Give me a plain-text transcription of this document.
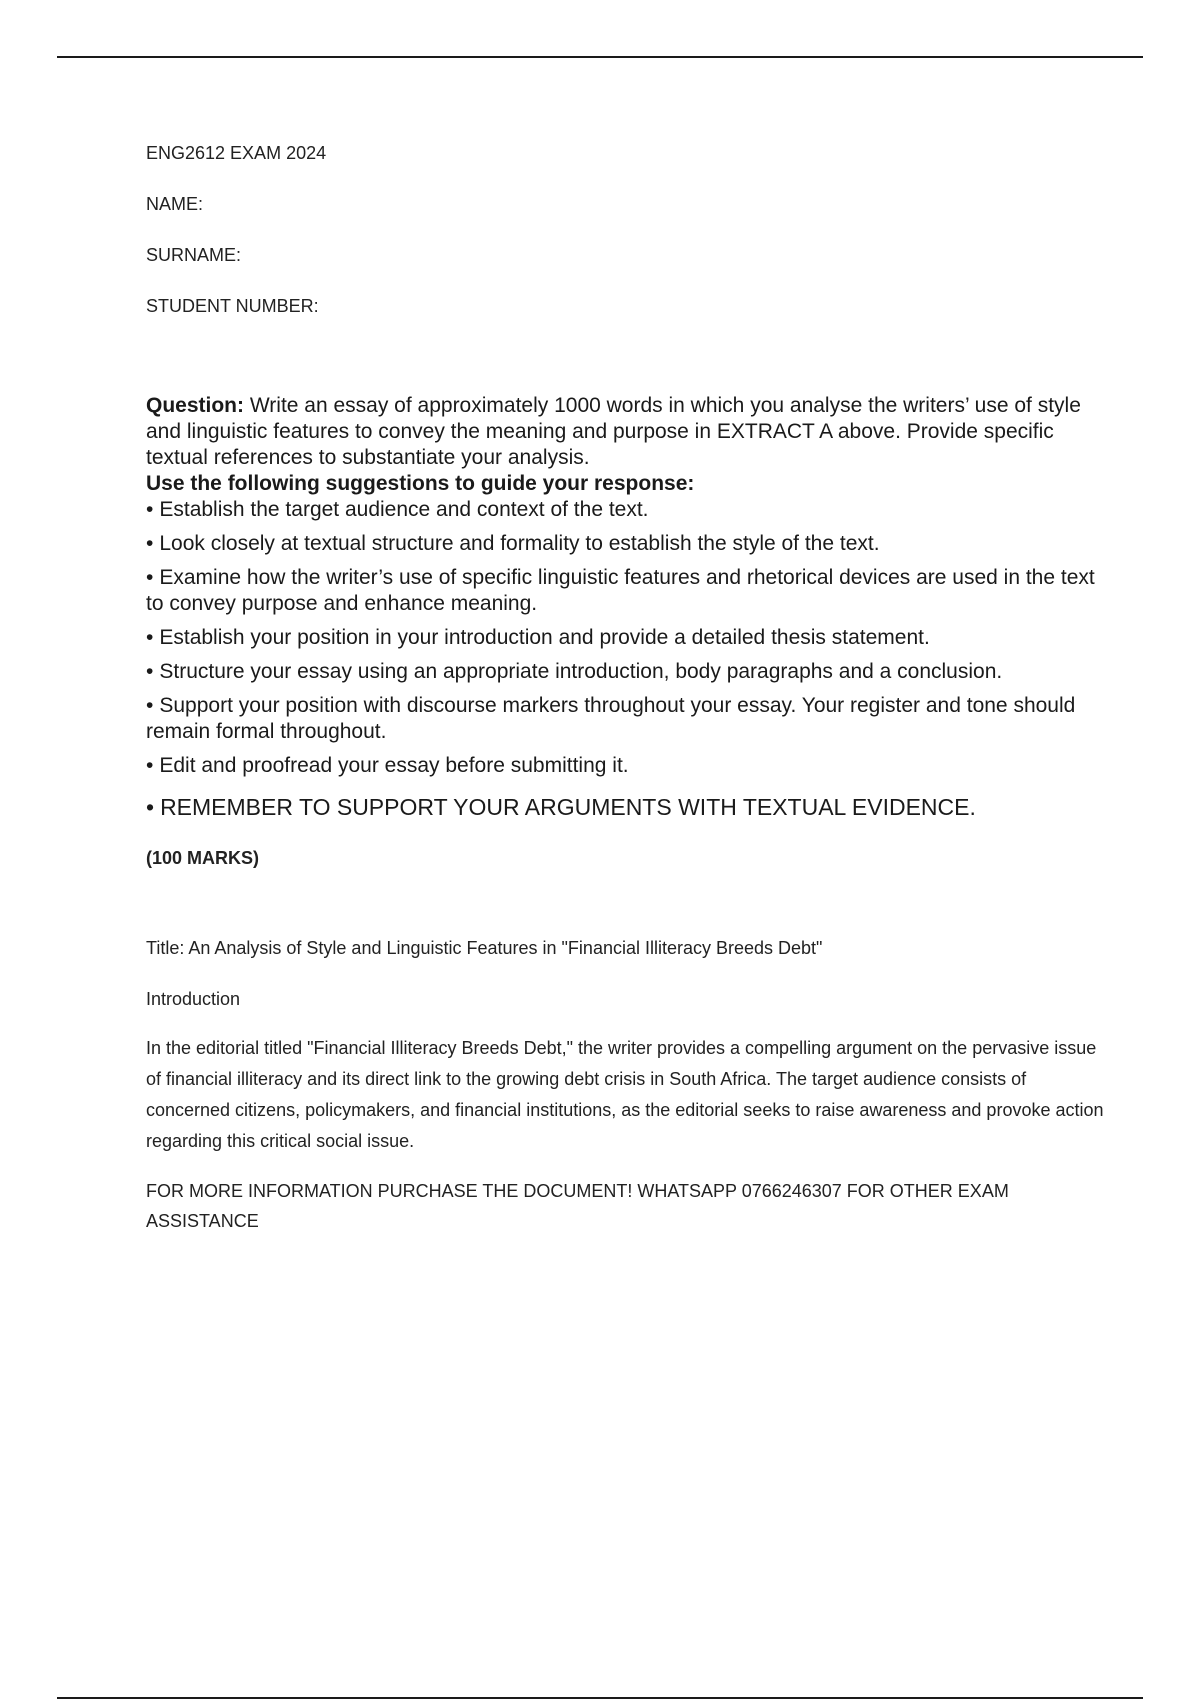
ENG2612 EXAM 2024

NAME:

SURNAME:

STUDENT NUMBER:

Question: Write an essay of approximately 1000 words in which you analyse the writers’ use of style and linguistic features to convey the meaning and purpose in EXTRACT A above. Provide specific textual references to substantiate your analysis.

Use the following suggestions to guide your response:

• Establish the target audience and context of the text.
• Look closely at textual structure and formality to establish the style of the text.
• Examine how the writer’s use of specific linguistic features and rhetorical devices are used in the text to convey purpose and enhance meaning.
• Establish your position in your introduction and provide a detailed thesis statement.
• Structure your essay using an appropriate introduction, body paragraphs and a conclusion.
• Support your position with discourse markers throughout your essay. Your register and tone should remain formal throughout.
• Edit and proofread your essay before submitting it.

• REMEMBER TO SUPPORT YOUR ARGUMENTS WITH TEXTUAL EVIDENCE.

(100 MARKS)

Title: An Analysis of Style and Linguistic Features in "Financial Illiteracy Breeds Debt"

Introduction

In the editorial titled "Financial Illiteracy Breeds Debt," the writer provides a compelling argument on the pervasive issue of financial illiteracy and its direct link to the growing debt crisis in South Africa. The target audience consists of concerned citizens, policymakers, and financial institutions, as the editorial seeks to raise awareness and provoke action regarding this critical social issue.

FOR MORE INFORMATION PURCHASE THE DOCUMENT! WHATSAPP 0766246307 FOR OTHER EXAM ASSISTANCE
